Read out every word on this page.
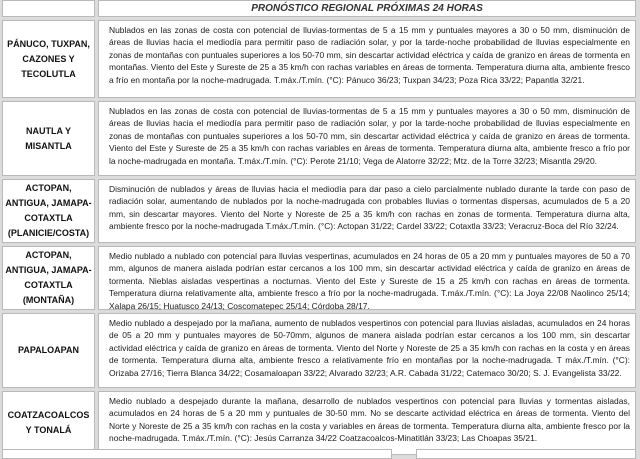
PRONÓSTICO REGIONAL PRÓXIMAS 24 HORAS
PÁNUCO, TUXPAN, CAZONES Y TECOLUTLA
Nublados en las zonas de costa con potencial de lluvias-tormentas de 5 a 15 mm y puntuales mayores a 30 o 50 mm, disminución de áreas de lluvias hacia el mediodía para permitir paso de radiación solar, y por la tarde-noche probabilidad de lluvias especialmente en zonas de montañas con puntuales superiores a los 50-70 mm, sin descartar actividad eléctrica y caída de granizo en áreas de tormenta en montañas. Viento del Este y Sureste de 25 a 35 km/h con rachas variables en áreas de tormenta. Temperatura diurna alta, ambiente fresco a frío en montaña por la noche-madrugada. T.máx./T.mín. (°C): Pánuco 36/23; Tuxpan 34/23; Poza Rica 33/22; Papantla 32/21.
NAUTLA Y MISANTLA
Nublados en las zonas de costa con potencial de lluvias-tormentas de 5 a 15 mm y puntuales mayores a 30 o 50 mm, disminución de áreas de lluvias hacia el mediodía para permitir paso de radiación solar, y por la tarde-noche probabilidad de lluvias especialmente en zonas de montañas con puntuales superiores a los 50-70 mm, sin descartar actividad eléctrica y caída de granizo en áreas de tormenta. Viento del Este y Sureste de 25 a 35 km/h con rachas variables en áreas de tormenta. Temperatura diurna alta, ambiente fresco a frío por la noche-madrugada en montaña. T.máx./T.mín. (°C): Perote 21/10; Vega de Alatorre 32/22; Mtz. de la Torre 32/23; Misantla 29/20.
ACTOPAN, ANTIGUA, JAMAPA-COTAXTLA (PLANICIE/COSTA)
Disminución de nublados y áreas de lluvias hacia el mediodía para dar paso a cielo parcialmente nublado durante la tarde con paso de radiación solar, aumentando de nublados por la noche-madrugada con probables lluvias o tormentas dispersas, acumulados de 5 a 20 mm, sin descartar mayores. Viento del Norte y Noreste de 25 a 35 km/h con rachas en zonas de tormenta. Temperatura diurna alta, ambiente fresco por la noche-madrugada T.máx./T.mín. (°C): Actopan 31/22; Cardel 33/22; Cotaxtla 33/23; Veracruz-Boca del Río 32/24.
ACTOPAN, ANTIGUA, JAMAPA-COTAXTLA (MONTAÑA)
Medio nublado a nublado con potencial para lluvias vespertinas, acumulados en 24 horas de 05 a 20 mm y puntuales mayores de 50 a 70 mm, algunos de manera aislada podrían estar cercanos a los 100 mm, sin descartar actividad eléctrica y caída de granizo en áreas de tormenta. Nieblas aisladas vespertinas a nocturnas. Viento del Este y Sureste de 15 a 25 km/h con rachas en áreas de tormenta. Temperatura diurna relativamente alta, ambiente fresco a frío por la noche-madrugada. T.máx./T.mín. (°C): La Joya 22/08 Naolinco 25/14; Xalapa 26/15; Huatusco 24/13; Coscomatepec 25/14; Córdoba 28/17.
PAPALOAPAN
Medio nublado a despejado por la mañana, aumento de nublados vespertinos con potencial para lluvias aisladas, acumulados en 24 horas de 05 a 20 mm y puntuales mayores de 50-70mm, algunos de manera aislada podrían estar cercanos a los 100 mm, sin descartar actividad eléctrica y caída de granizo en áreas de tormenta. Viento del Norte y Noreste de 25 a 35 km/h con rachas en la costa y en áreas de tormenta. Temperatura diurna alta, ambiente fresco a relativamente frío en montañas por la noche-madrugada. T máx./T.mín. (°C): Orizaba 27/16; Tierra Blanca 34/22; Cosamaloapan 33/22; Alvarado 32/23; A.R. Cabada 31/22; Catemaco 30/20; S. J. Evangelista 33/22.
COATZACOALCOS Y TONALÁ
Medio nublado a despejado durante la mañana, desarrollo de nublados vespertinos con potencial para lluvias y tormentas aisladas, acumulados en 24 horas de 5 a 20 mm y puntuales de 30-50 mm. No se descarte actividad eléctrica en áreas de tormenta. Viento del Norte y Noreste de 25 a 35 km/h con rachas en la costa y variables en áreas de tormenta. Temperatura diurna alta, ambiente fresco por la noche-madrugada. T.máx./T.mín. (°C): Jesús Carranza 34/22 Coatzacoalcos-Minatitlán 33/23; Las Choapas 35/21.
